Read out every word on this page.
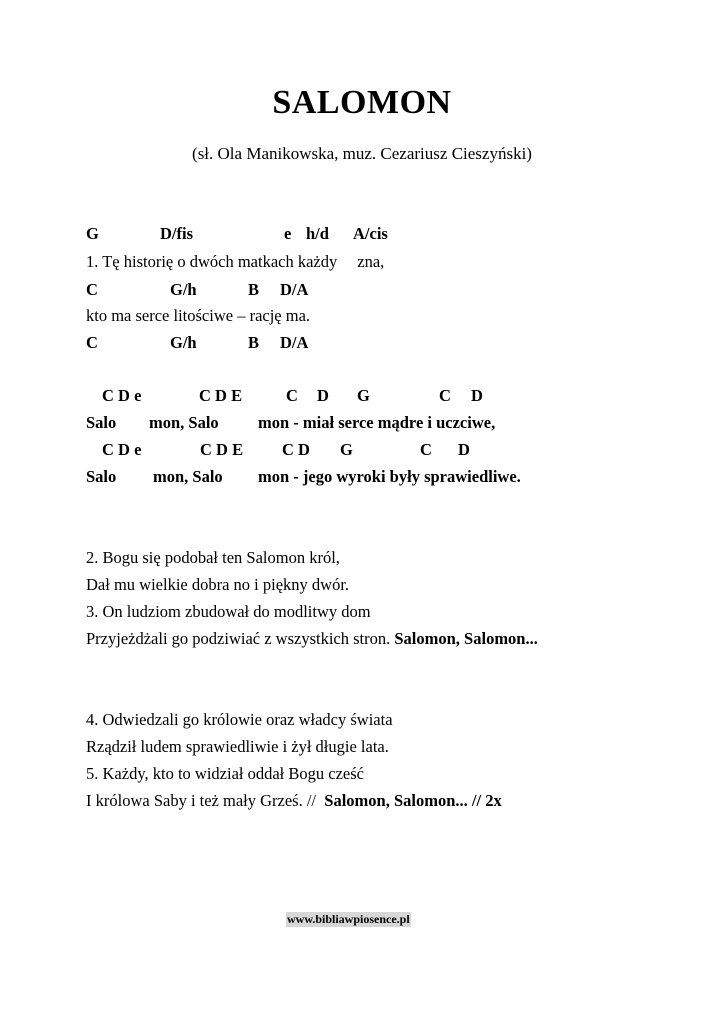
SALOMON
(sł. Ola Manikowska, muz. Cezariusz Cieszyński)
G	D/fis	e h/d A/cis
1. Tę historię o dwóch matkach każdy zna,
C	G/h	B D/A
kto ma serce litościwe – rację ma.
C	G/h	B D/A
C D e	C D E	C D G	C D
Salo mon, Salo mon - miał serce mądre i uczciwe,
C D e	C D E C D G	C D
Salo mon, Salo mon - jego wyroki były sprawiedliwe.
2. Bogu się podobał ten Salomon król,
Dał mu wielkie dobra no i piękny dwór.
3. On ludziom zbudował do modlitwy dom
Przyjeżdżali go podziwiać z wszystkich stron. Salomon, Salomon...
4. Odwiedzali go królowie oraz władcy świata
Rządził ludem sprawiedliwie i żył długie lata.
5. Każdy, kto to widział oddał Bogu cześć
I królowa Saby i też mały Grześ. // Salomon, Salomon... // 2x
www.bibliawpiosence.pl
